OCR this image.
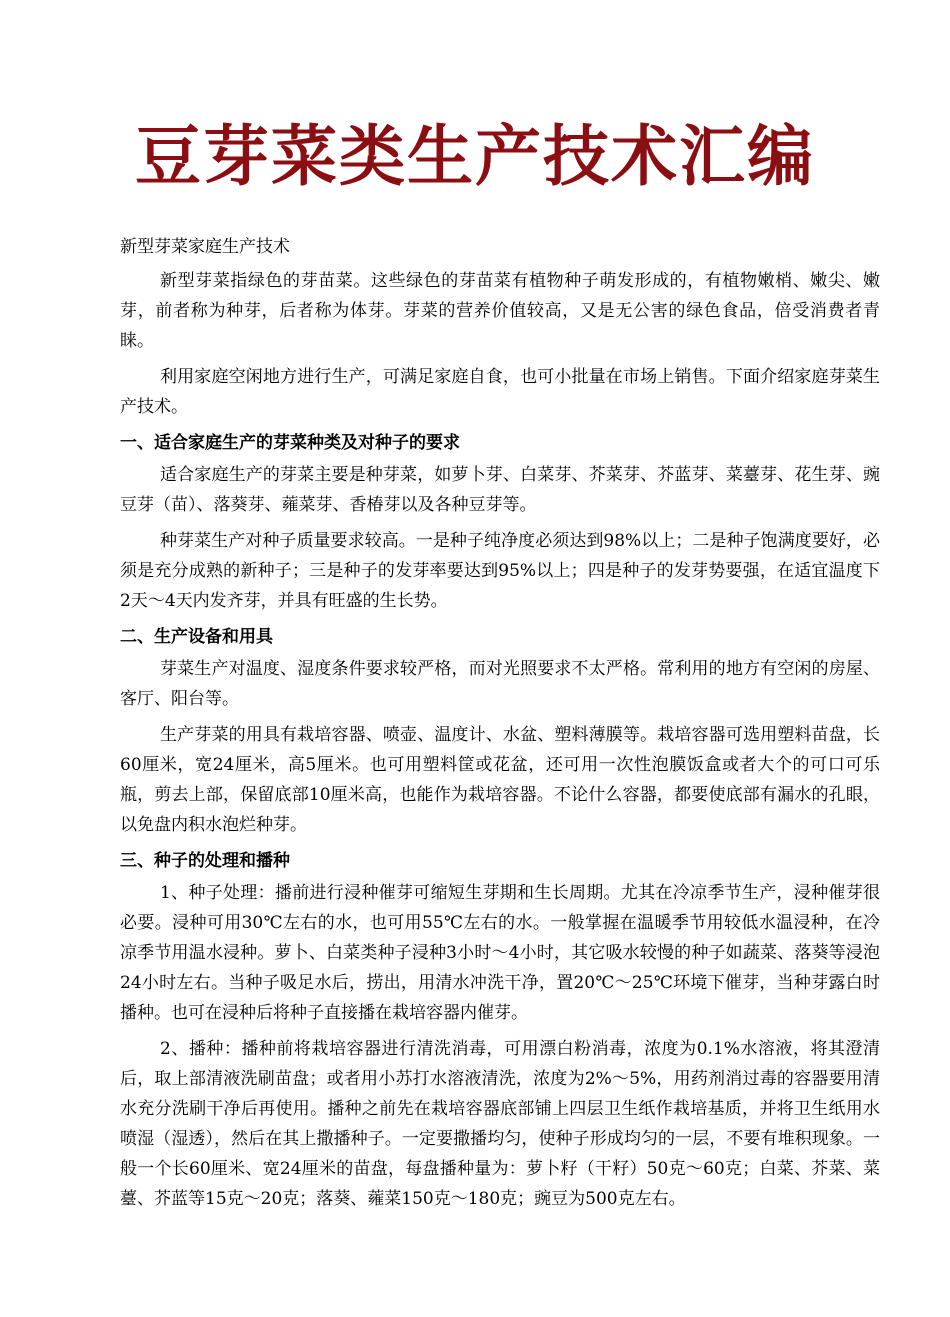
豆芽菜类生产技术汇编
新型芽菜家庭生产技术

新型芽菜指绿色的芽苗菜。这些绿色的芽苗菜有植物种子萌发形成的，有植物嫩梢、嫩尖、嫩芽，前者称为种芽，后者称为体芽。芽菜的营养价值较高，又是无公害的绿色食品，倍受消费者青睐。

利用家庭空闲地方进行生产，可满足家庭自食，也可小批量在市场上销售。下面介绍家庭芽菜生产技术。

一、适合家庭生产的芽菜种类及对种子的要求

适合家庭生产的芽菜主要是种芽菜，如萝卜芽、白菜芽、芥菜芽、芥蓝芽、菜薹芽、花生芽、豌豆芽（苗）、落葵芽、蕹菜芽、香椿芽以及各种豆芽等。

种芽菜生产对种子质量要求较高。一是种子纯净度必须达到98%以上；二是种子饱满度要好，必须是充分成熟的新种子；三是种子的发芽率要达到95%以上；四是种子的发芽势要强，在适宜温度下2天～4天内发齐芽，并具有旺盛的生长势。

二、生产设备和用具

芽菜生产对温度、湿度条件要求较严格，而对光照要求不太严格。常利用的地方有空闲的房屋、客厅、阳台等。

生产芽菜的用具有栽培容器、喷壶、温度计、水盆、塑料薄膜等。栽培容器可选用塑料苗盘，长60厘米，宽24厘米，高5厘米。也可用塑料筐或花盆，还可用一次性泡膜饭盒或者大个的可口可乐瓶，剪去上部，保留底部10厘米高，也能作为栽培容器。不论什么容器，都要使底部有漏水的孔眼，以免盘内积水泡烂种芽。

三、种子的处理和播种

1、种子处理：播前进行浸种催芽可缩短生芽期和生长周期。尤其在冷凉季节生产，浸种催芽很必要。浸种可用30℃左右的水，也可用55℃左右的水。一般掌握在温暖季节用较低水温浸种，在冷凉季节用温水浸种。萝卜、白菜类种子浸种3小时～4小时，其它吸水较慢的种子如蔬菜、落葵等浸泡24小时左右。当种子吸足水后，捞出，用清水冲洗干净，置20℃～25℃环境下催芽，当种芽露白时播种。也可在浸种后将种子直接播在栽培容器内催芽。

2、播种：播种前将栽培容器进行清洗消毒，可用漂白粉消毒，浓度为0.1%水溶液，将其澄清后，取上部清液洗刷苗盘；或者用小苏打水溶液清洗，浓度为2%～5%，用药剂消过毒的容器要用清水充分洗刷干净后再使用。播种之前先在栽培容器底部铺上四层卫生纸作栽培基质，并将卫生纸用水喷湿（湿透），然后在其上撒播种子。一定要撒播均匀，使种子形成均匀的一层，不要有堆积现象。一般一个长60厘米、宽24厘米的苗盘，每盘播种量为：萝卜籽（干籽）50克～60克；白菜、芥菜、菜薹、芥蓝等15克～20克；落葵、蕹菜150克～180克；豌豆为500克左右。
